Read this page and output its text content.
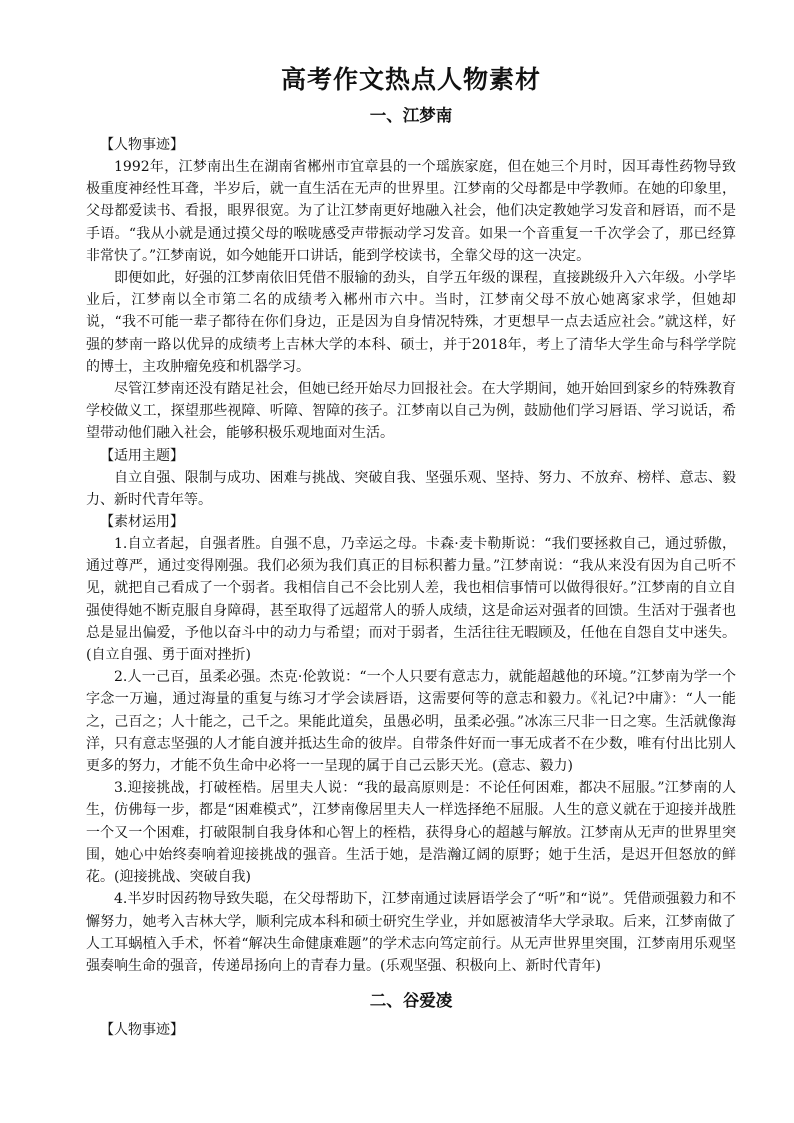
高考作文热点人物素材
一、江梦南

【人物事迹】

1992年，江梦南出生在湖南省郴州市宜章县的一个瑶族家庭，但在她三个月时，因耳毒性药物导致极重度神经性耳聋，半岁后，就一直生活在无声的世界里。江梦南的父母都是中学教师。在她的印象里，父母都爱读书、看报，眼界很宽。为了让江梦南更好地融入社会，他们决定教她学习发音和唇语，而不是手语。“我从小就是通过摸父母的喉咙感受声带振动学习发音。如果一个音重复一千次学会了，那已经算非常快了。”江梦南说，如今她能开口讲话，能到学校读书，全靠父母的这一决定。

即便如此，好强的江梦南依旧凭借不服输的劲头，自学五年级的课程，直接跳级升入六年级。小学毕业后，江梦南以全市第二名的成绩考入郴州市六中。当时，江梦南父母不放心她离家求学，但她却说，“我不可能一辈子都待在你们身边，正是因为自身情况特殊，才更想早一点去适应社会。”就这样，好强的梦南一路以优异的成绩考上吉林大学的本科、硕士，并于2018年，考上了清华大学生命与科学学院的博士，主攻肿瘤免疫和机器学习。

尽管江梦南还没有踏足社会，但她已经开始尽力回报社会。在大学期间，她开始回到家乡的特殊教育学校做义工，探望那些视障、听障、智障的孩子。江梦南以自己为例，鼓励他们学习唇语、学习说话，希望带动他们融入社会，能够积极乐观地面对生活。

【适用主题】

自立自强、限制与成功、困难与挑战、突破自我、坚强乐观、坚持、努力、不放弃、榜样、意志、毅力、新时代青年等。

【素材运用】

1.自立者起，自强者胜。自强不息，乃幸运之母。卡森·麦卡勒斯说：“我们要拯救自己，通过骄傲，通过尊严，通过变得刚强。我们必须为我们真正的目标积蓄力量。”江梦南说：“我从来没有因为自己听不见，就把自己看成了一个弱者。我相信自己不会比别人差，我也相信事情可以做得很好。”江梦南的自立自强使得她不断克服自身障碍，甚至取得了远超常人的骄人成绩，这是命运对强者的回馈。生活对于强者也总是显出偏爱，予他以奋斗中的动力与希望；而对于弱者，生活往往无暇顾及，任他在自怨自艾中迷失。(自立自强、勇于面对挫折)

2.人一己百，虽柔必强。杰克·伦敦说：“一个人只要有意志力，就能超越他的环境。”江梦南为学一个字念一万遍，通过海量的重复与练习才学会读唇语，这需要何等的意志和毅力。《礼记?中庸》：“人一能之，己百之；人十能之，己千之。果能此道矣，虽愚必明，虽柔必强。”冰冻三尺非一日之寒。生活就像海洋，只有意志坚强的人才能自渡并抵达生命的彼岸。自带条件好而一事无成者不在少数，唯有付出比别人更多的努力，才能不负生命中必将一一呈现的属于自己云影天光。(意志、毅力)

3.迎接挑战，打破桎梏。居里夫人说：“我的最高原则是：不论任何困难，都决不屈服。”江梦南的人生，仿佛每一步，都是“困难模式”，江梦南像居里夫人一样选择绝不屈服。人生的意义就在于迎接并战胜一个又一个困难，打破限制自我身体和心智上的桎梏，获得身心的超越与解放。江梦南从无声的世界里突围，她心中始终奏响着迎接挑战的强音。生活于她，是浩瀚辽阔的原野；她于生活，是迟开但怒放的鲜花。(迎接挑战、突破自我)

4.半岁时因药物导致失聪，在父母帮助下，江梦南通过读唇语学会了“听”和“说”。凭借顽强毅力和不懈努力，她考入吉林大学，顺利完成本科和硕士研究生学业，并如愿被清华大学录取。后来，江梦南做了人工耳蜗植入手术，怀着“解决生命健康难题”的学术志向笃定前行。从无声世界里突围，江梦南用乐观坚强奏响生命的强音，传递昂扬向上的青春力量。(乐观坚强、积极向上、新时代青年)

二、谷爱凌

【人物事迹】
